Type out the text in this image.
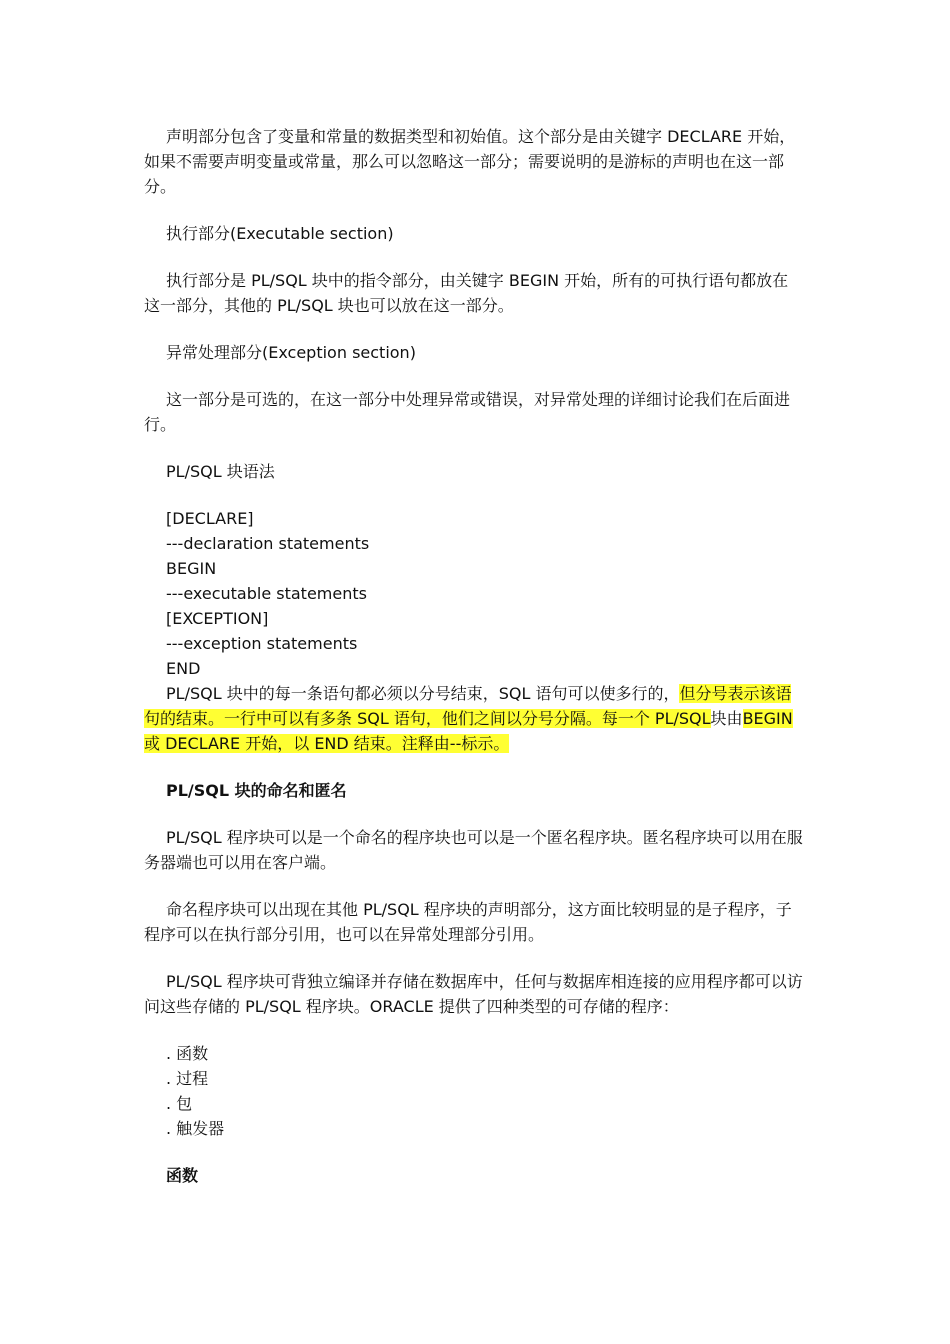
声明部分包含了变量和常量的数据类型和初始值。这个部分是由关键字 DECLARE 开始，如果不需要声明变量或常量，那么可以忽略这一部分；需要说明的是游标的声明也在这一部分。

执行部分(Executable section)

执行部分是 PL/SQL 块中的指令部分，由关键字 BEGIN 开始，所有的可执行语句都放在这一部分，其他的 PL/SQL 块也可以放在这一部分。

异常处理部分(Exception section)

这一部分是可选的，在这一部分中处理异常或错误，对异常处理的详细讨论我们在后面进行。

PL/SQL 块语法

[DECLARE]
---declaration statements
BEGIN
---executable statements
[EXCEPTION]
---exception statements
END

PL/SQL 块中的每一条语句都必须以分号结束，SQL 语句可以使多行的，但分号表示该语句的结束。一行中可以有多条 SQL 语句，他们之间以分号分隔。每一个 PL/SQL块由BEGIN 或 DECLARE 开始，以 END 结束。注释由--标示。

PL/SQL 块的命名和匿名

PL/SQL 程序块可以是一个命名的程序块也可以是一个匿名程序块。匿名程序块可以用在服务器端也可以用在客户端。

命名程序块可以出现在其他 PL/SQL 程序块的声明部分，这方面比较明显的是子程序，子程序可以在执行部分引用，也可以在异常处理部分引用。

PL/SQL 程序块可背独立编译并存储在数据库中，任何与数据库相连接的应用程序都可以访问这些存储的 PL/SQL 程序块。ORACLE 提供了四种类型的可存储的程序：

. 函数
. 过程
. 包
. 触发器

函数
